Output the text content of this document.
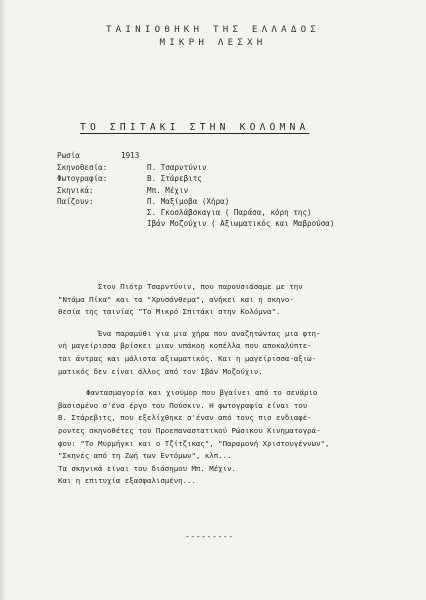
ΤΑΙΝΙΟΘΗΚΗ ΤΗΣ ΕΛΛΑΔΟΣ
ΜΙΚΡΗ ΛΕΣΧΗ
ΤΟ ΣΠΙΤΑΚΙ ΣΤΗΝ ΚΟΛΟΜΝΑ
Ρωσία	1913
Σκηνοθεσία:	Π. Τσαρντύνιν
Φωτογραφία:	Β. Στάρεβιτς
Σκηνικά:	Μπ. Μέχιν
Παίζουν:	Π. Μαξίμοβα (Χήρα)
Σ. Γκοσλάβσκαγια ( Παράσα, κόρη της)
Ιβάν Μοζούχιν ( Αξιωματικός και Μαβρούσα)

Στον Πιότρ Τσαρντύνιν, που παρουσιάσαμε με την
"Ντάμα Πίκα" και τα "Χρυσάνθεμα", ανήκει και η σκηνο-
θεσία της ταινίας "Το Μικρό Σπιτάκι στην Κολόμνα".

Ένα παραμύθι για μια χήρα που αναζητώντας μια φτη-
νή μαγείρισσα βρίσκει μιαν υπάκοη κοπέλλα που αποκαλύπτε-
ται άντρας και μάλιστα αξιωματικός. Και η μαγείρισσα-αξιω-
ματικός δεν είναι άλλος από τον Ιβάν Μοζούχιν.

Φαντασμαγορία και χιούμορ που βγαίνει από το σενάριο
βασισμένο σ'ένα έργο του Πούσκιν. Η φωτογραφία είναι του
Β. Στάρεβιτς, που εξελίχθηκε σ'έναν από τους πιο ενδιαφέ-
ροντες σκηνοθέτες του Προεπαναστατικού Ρώσικου Κινηματογρά-
φου: "Το Μυρμήγκι και ο Τζίτζικας", "Παραμονή Χριστουγέννων",
"Σκηνές από τη Ζωή των Εντόμων", κλπ...
Τα σκηνικά είναι του διάσημου Μπ. Μέχιν.
Και η επιτυχία εξασφαλισμένη...

---------
